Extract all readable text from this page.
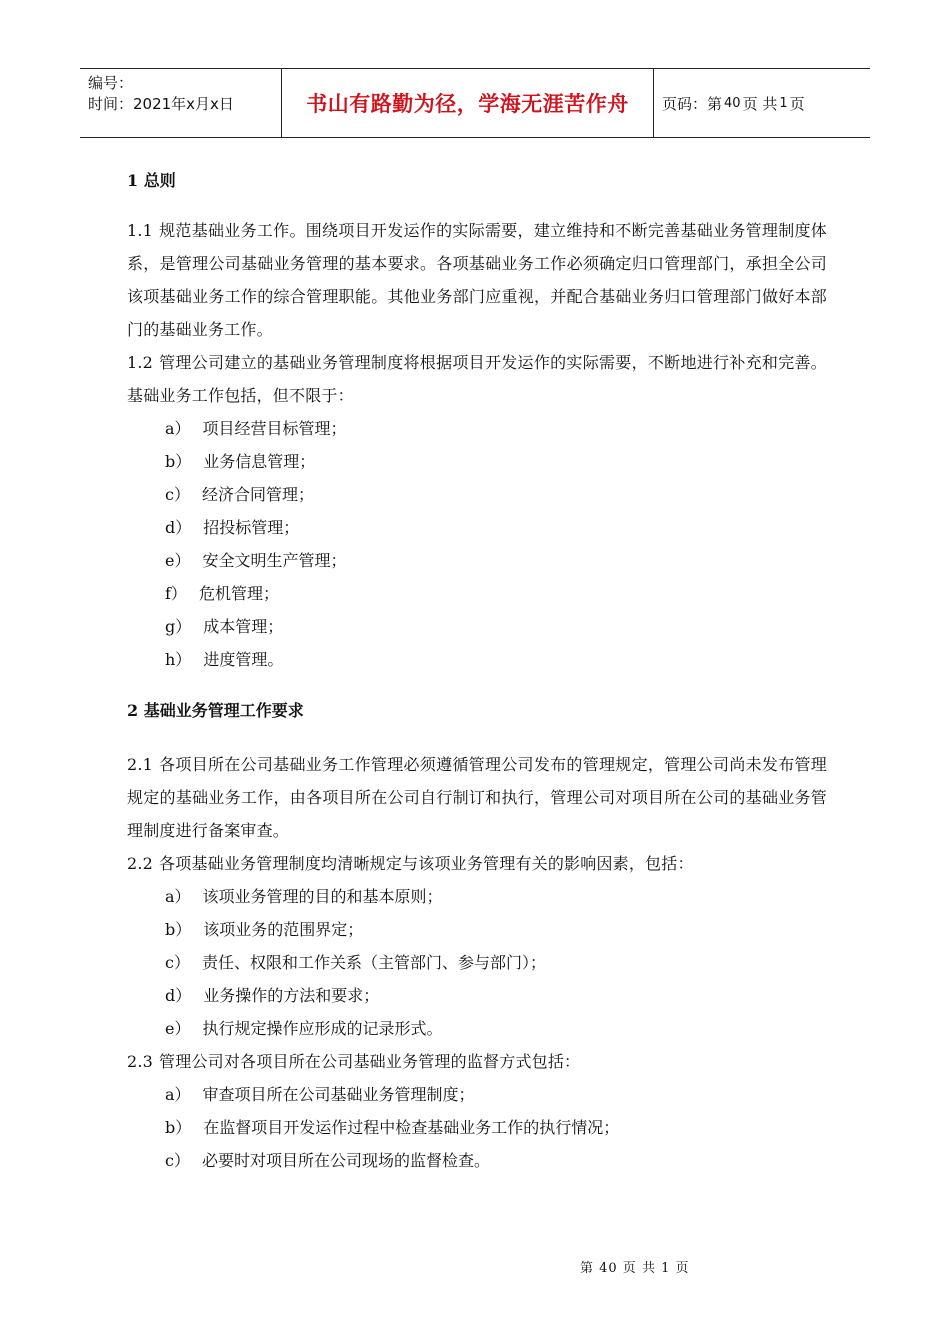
编号：
时间：2021年x月x日	书山有路勤为径，学海无涯苦作舟	页码：第 40 页 共 1 页
1 总则

1.1 规范基础业务工作。围绕项目开发运作的实际需要，建立维持和不断完善基础业务管理制度体系，是管理公司基础业务管理的基本要求。各项基础业务工作必须确定归口管理部门，承担全公司该项基础业务工作的综合管理职能。其他业务部门应重视，并配合基础业务归口管理部门做好本部门的基础业务工作。

1.2 管理公司建立的基础业务管理制度将根据项目开发运作的实际需要，不断地进行补充和完善。基础业务工作包括，但不限于：

a） 项目经营目标管理；
b） 业务信息管理；
c） 经济合同管理；
d） 招投标管理；
e） 安全文明生产管理；
f） 危机管理；
g） 成本管理；
h） 进度管理。
2 基础业务管理工作要求

2.1 各项目所在公司基础业务工作管理必须遵循管理公司发布的管理规定，管理公司尚未发布管理规定的基础业务工作，由各项目所在公司自行制订和执行，管理公司对项目所在公司的基础业务管理制度进行备案审查。

2.2 各项基础业务管理制度均清晰规定与该项业务管理有关的影响因素，包括：

a） 该项业务管理的目的和基本原则；
b） 该项业务的范围界定；
c） 责任、权限和工作关系（主管部门、参与部门）；
d） 业务操作的方法和要求；
e） 执行规定操作应形成的记录形式。

2.3 管理公司对各项目所在公司基础业务管理的监督方式包括：

a） 审查项目所在公司基础业务管理制度；
b） 在监督项目开发运作过程中检查基础业务工作的执行情况；
c） 必要时对项目所在公司现场的监督检查。
第 40 页 共 1 页
